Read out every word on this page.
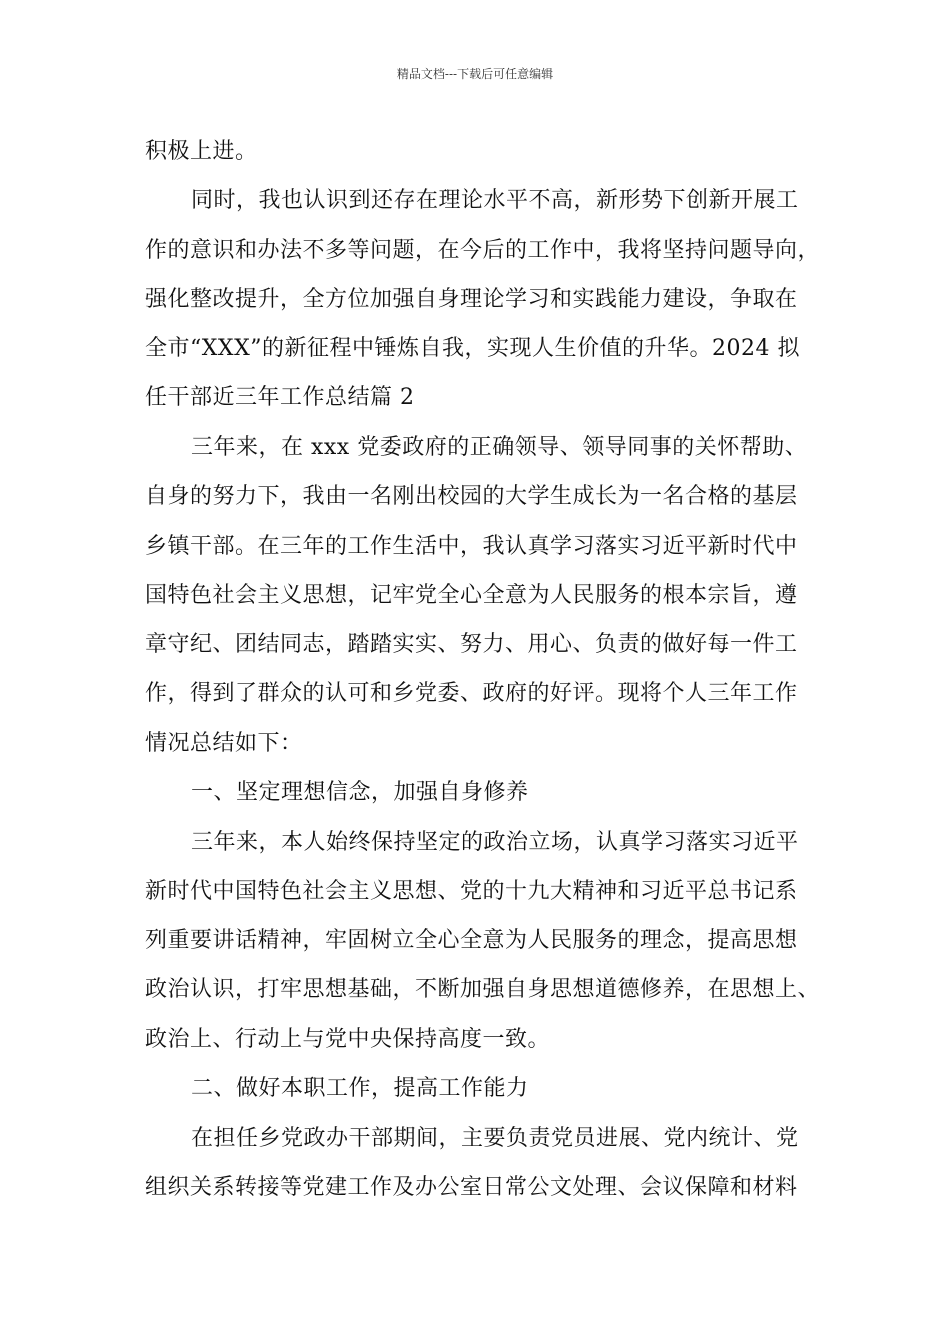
精品文档---下载后可任意编辑
积极上进。
同时，我也认识到还存在理论水平不高，新形势下创新开展工
作的意识和办法不多等问题，在今后的工作中，我将坚持问题导向，
强化整改提升，全方位加强自身理论学习和实践能力建设，争取在
全市“XXX”的新征程中锤炼自我，实现人生价值的升华。2024 拟
任干部近三年工作总结篇 2
三年来，在 xxx 党委政府的正确领导、领导同事的关怀帮助、
自身的努力下，我由一名刚出校园的大学生成长为一名合格的基层
乡镇干部。在三年的工作生活中，我认真学习落实习近平新时代中
国特色社会主义思想，记牢党全心全意为人民服务的根本宗旨，遵
章守纪、团结同志，踏踏实实、努力、用心、负责的做好每一件工
作，得到了群众的认可和乡党委、政府的好评。现将个人三年工作
情况总结如下：
一、坚定理想信念，加强自身修养
三年来，本人始终保持坚定的政治立场，认真学习落实习近平
新时代中国特色社会主义思想、党的十九大精神和习近平总书记系
列重要讲话精神，牢固树立全心全意为人民服务的理念，提高思想
政治认识，打牢思想基础，不断加强自身思想道德修养，在思想上、
政治上、行动上与党中央保持高度一致。
二、做好本职工作，提高工作能力
在担任乡党政办干部期间，主要负责党员进展、党内统计、党
组织关系转接等党建工作及办公室日常公文处理、会议保障和材料
